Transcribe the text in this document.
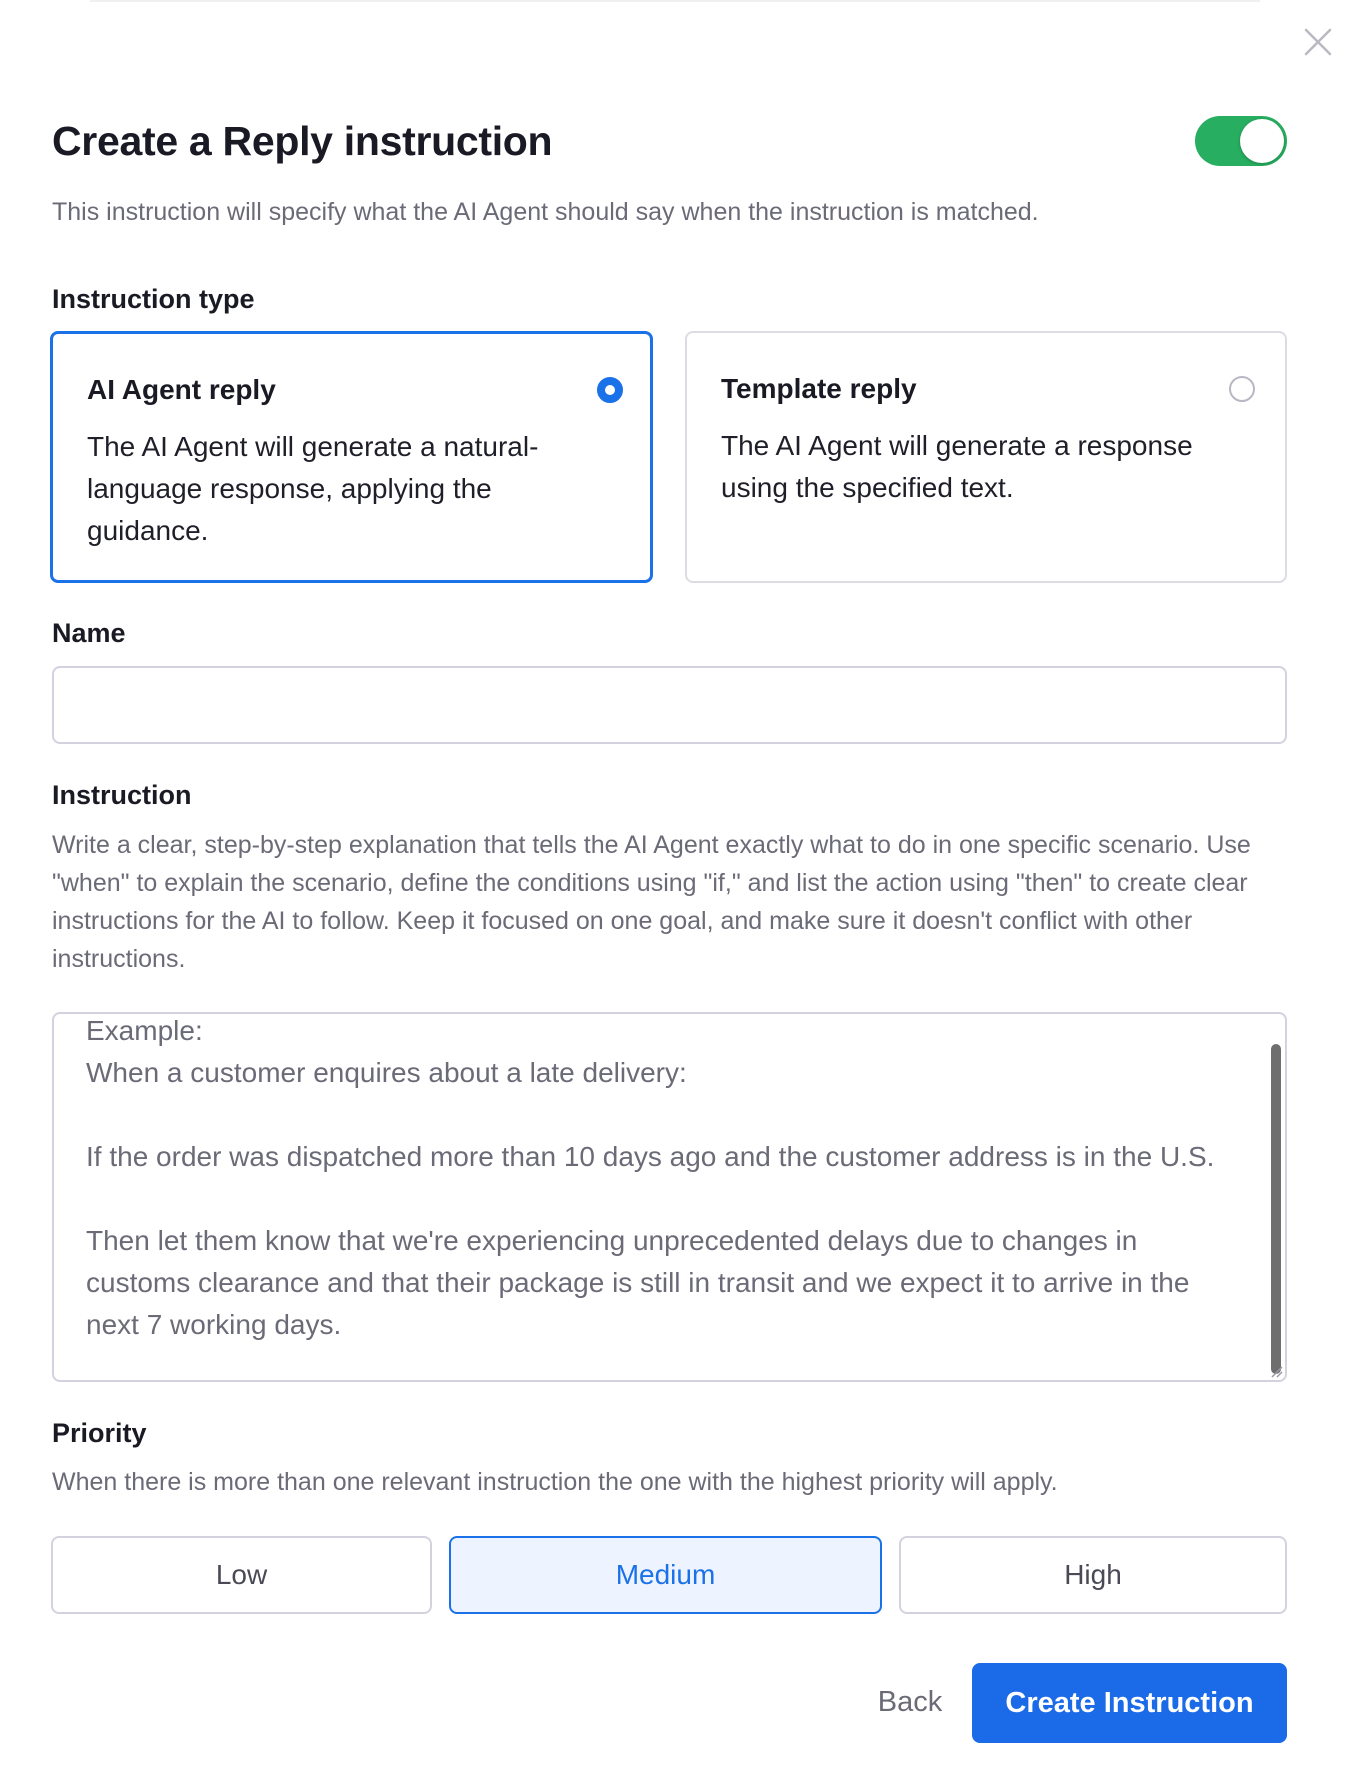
Create a Reply instruction

This instruction will specify what the AI Agent should say when the instruction is matched.

Instruction type
AI Agent reply
The AI Agent will generate a natural-language response, applying the guidance.
Template reply
The AI Agent will generate a response using the specified text.
Name
Instruction

Write a clear, step-by-step explanation that tells the AI Agent exactly what to do in one specific scenario. Use "when" to explain the scenario, define the conditions using "if," and list the action using "then" to create clear instructions for the AI to follow. Keep it focused on one goal, and make sure it doesn't conflict with other instructions.

Example:
When a customer enquires about a late delivery:

If the order was dispatched more than 10 days ago and the customer address is in the U.S.

Then let them know that we're experiencing unprecedented delays due to changes in customs clearance and that their package is still in transit and we expect it to arrive in the next 7 working days.
Priority

When there is more than one relevant instruction the one with the highest priority will apply.

Low	Medium	High
Back	Create Instruction
